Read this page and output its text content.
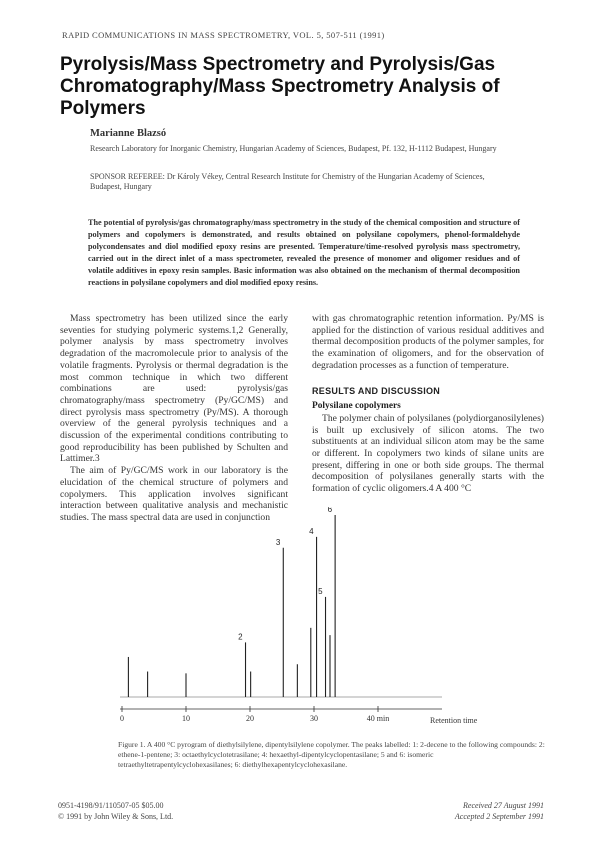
RAPID COMMUNICATIONS IN MASS SPECTROMETRY, VOL. 5, 507-511 (1991)
Pyrolysis/Mass Spectrometry and Pyrolysis/Gas Chromatography/Mass Spectrometry Analysis of Polymers
Marianne Blazsó
Research Laboratory for Inorganic Chemistry, Hungarian Academy of Sciences, Budapest, Pf. 132, H-1112 Budapest, Hungary
SPONSOR REFEREE: Dr Károly Vékey, Central Research Institute for Chemistry of the Hungarian Academy of Sciences, Budapest, Hungary
The potential of pyrolysis/gas chromatography/mass spectrometry in the study of the chemical composition and structure of polymers and copolymers is demonstrated, and results obtained on polysilane copolymers, phenol-formaldehyde polycondensates and diol modified epoxy resins are presented. Temperature/time-resolved pyrolysis mass spectrometry, carried out in the direct inlet of a mass spectrometer, revealed the presence of monomer and oligomer residues and of volatile additives in epoxy resin samples. Basic information was also obtained on the mechanism of thermal decomposition reactions in polysilane copolymers and diol modified epoxy resins.

Mass spectrometry has been utilized since the early seventies for studying polymeric systems.1,2 Generally, polymer analysis by mass spectrometry involves degradation of the macromolecule prior to analysis of the volatile fragments. Pyrolysis or thermal degradation is the most common technique in which two different combinations are used: pyrolysis/gas chromatography/mass spectrometry (Py/GC/MS) and direct pyrolysis mass spectrometry (Py/MS). A thorough overview of the general pyrolysis techniques and a discussion of the experimental conditions contributing to good reproducibility has been published by Schulten and Lattimer.3

The aim of Py/GC/MS work in our laboratory is the elucidation of the chemical structure of polymers and copolymers. This application involves significant interaction between qualitative analysis and mechanistic studies. The mass spectral data are used in conjunction

with gas chromatographic retention information. Py/MS is applied for the distinction of various residual additives and thermal decomposition products of the polymer samples, for the examination of oligomers, and for the observation of degradation processes as a function of temperature.

RESULTS AND DISCUSSION
Polysilane copolymers

The polymer chain of polysilanes (polydiorganosilylenes) is built up exclusively of silicon atoms. The two substituents at an individual silicon atom may be the same or different. In copolymers two kinds of silane units are present, differing in one or both side groups. The thermal decomposition of polysilanes generally starts with the formation of cyclic oligomers.4 A 400 °C

0	10	20	30	40 min
2
3
4
5
6
Retention time
Figure 1. A 400 °C pyrogram of diethylsilylene, dipentylsilylene copolymer. The peaks labelled: 1: 2-decene to the following compounds: 2: ethene-1-pentene; 3: octaethylcyclotetrasilane; 4: hexaethyl-dipentylcyclopentasilane; 5 and 6: isomeric tetraethyltetrapentylcyclohexasilanes; 6: diethylhexapentylcyclohexasilane.
0951-4198/91/110507-05 $05.00
© 1991 by John Wiley & Sons, Ltd.
Received 27 August 1991
Accepted 2 September 1991
